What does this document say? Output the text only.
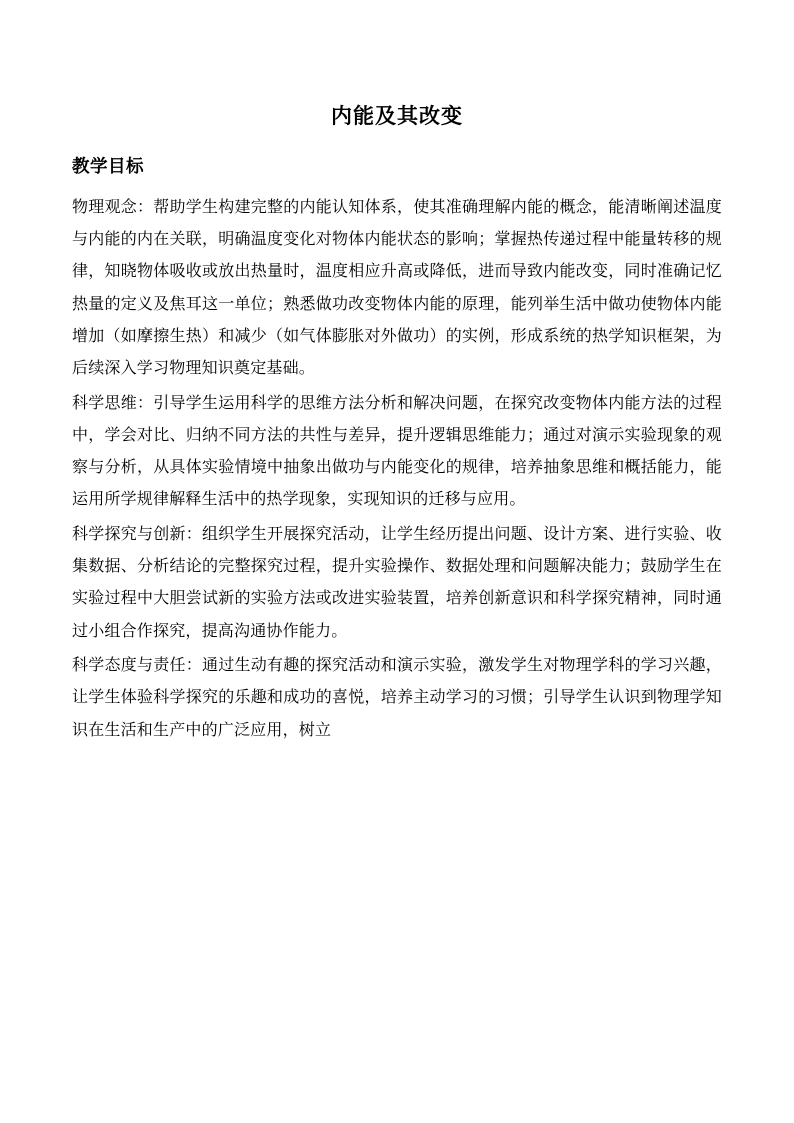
内能及其改变
教学目标

物理观念：帮助学生构建完整的内能认知体系，使其准确理解内能的概念，能清晰阐述温度与内能的内在关联，明确温度变化对物体内能状态的影响；掌握热传递过程中能量转移的规律，知晓物体吸收或放出热量时，温度相应升高或降低，进而导致内能改变，同时准确记忆热量的定义及焦耳这一单位；熟悉做功改变物体内能的原理，能列举生活中做功使物体内能增加（如摩擦生热）和减少（如气体膨胀对外做功）的实例，形成系统的热学知识框架，为后续深入学习物理知识奠定基础。

科学思维：引导学生运用科学的思维方法分析和解决问题，在探究改变物体内能方法的过程中，学会对比、归纳不同方法的共性与差异，提升逻辑思维能力；通过对演示实验现象的观察与分析，从具体实验情境中抽象出做功与内能变化的规律，培养抽象思维和概括能力，能运用所学规律解释生活中的热学现象，实现知识的迁移与应用。

科学探究与创新：组织学生开展探究活动，让学生经历提出问题、设计方案、进行实验、收集数据、分析结论的完整探究过程，提升实验操作、数据处理和问题解决能力；鼓励学生在实验过程中大胆尝试新的实验方法或改进实验装置，培养创新意识和科学探究精神，同时通过小组合作探究，提高沟通协作能力。

科学态度与责任：通过生动有趣的探究活动和演示实验，激发学生对物理学科的学习兴趣，让学生体验科学探究的乐趣和成功的喜悦，培养主动学习的习惯；引导学生认识到物理学知识在生活和生产中的广泛应用，树立
